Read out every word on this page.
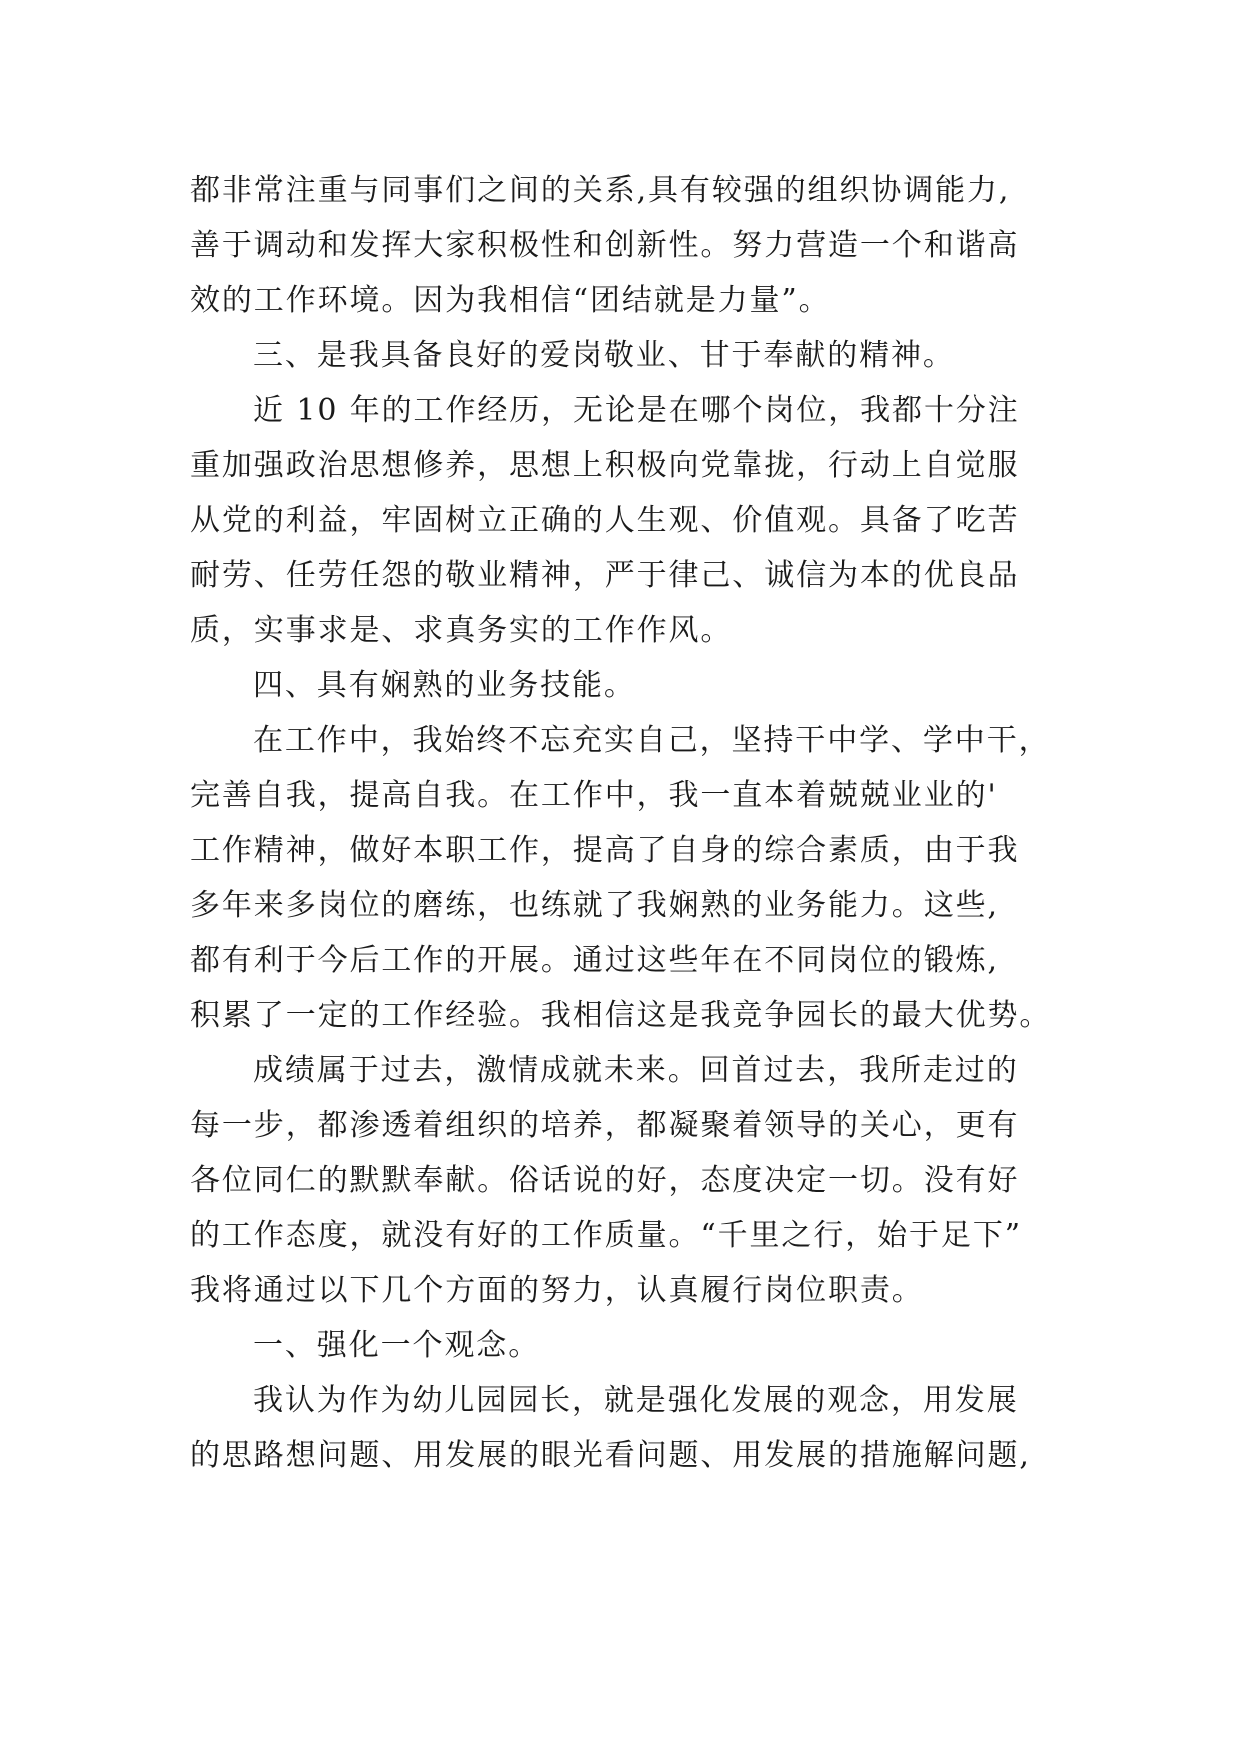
都非常注重与同事们之间的关系,具有较强的组织协调能力,
善于调动和发挥大家积极性和创新性。努力营造一个和谐高
效的工作环境。因为我相信“团结就是力量”。
三、是我具备良好的爱岗敬业、甘于奉献的精神。
近 10 年的工作经历，无论是在哪个岗位，我都十分注
重加强政治思想修养，思想上积极向党靠拢，行动上自觉服
从党的利益，牢固树立正确的人生观、价值观。具备了吃苦
耐劳、任劳任怨的敬业精神，严于律己、诚信为本的优良品
质，实事求是、求真务实的工作作风。
四、具有娴熟的业务技能。
在工作中，我始终不忘充实自己，坚持干中学、学中干，
完善自我，提高自我。在工作中，我一直本着兢兢业业的'
工作精神，做好本职工作，提高了自身的综合素质，由于我
多年来多岗位的磨练，也练就了我娴熟的业务能力。这些,
都有利于今后工作的开展。通过这些年在不同岗位的锻炼,
积累了一定的工作经验。我相信这是我竞争园长的最大优势。
成绩属于过去，激情成就未来。回首过去，我所走过的
每一步，都渗透着组织的培养，都凝聚着领导的关心，更有
各位同仁的默默奉献。俗话说的好，态度决定一切。没有好
的工作态度，就没有好的工作质量。“千里之行，始于足下”
我将通过以下几个方面的努力，认真履行岗位职责。
一、强化一个观念。
我认为作为幼儿园园长，就是强化发展的观念，用发展
的思路想问题、用发展的眼光看问题、用发展的措施解问题,
